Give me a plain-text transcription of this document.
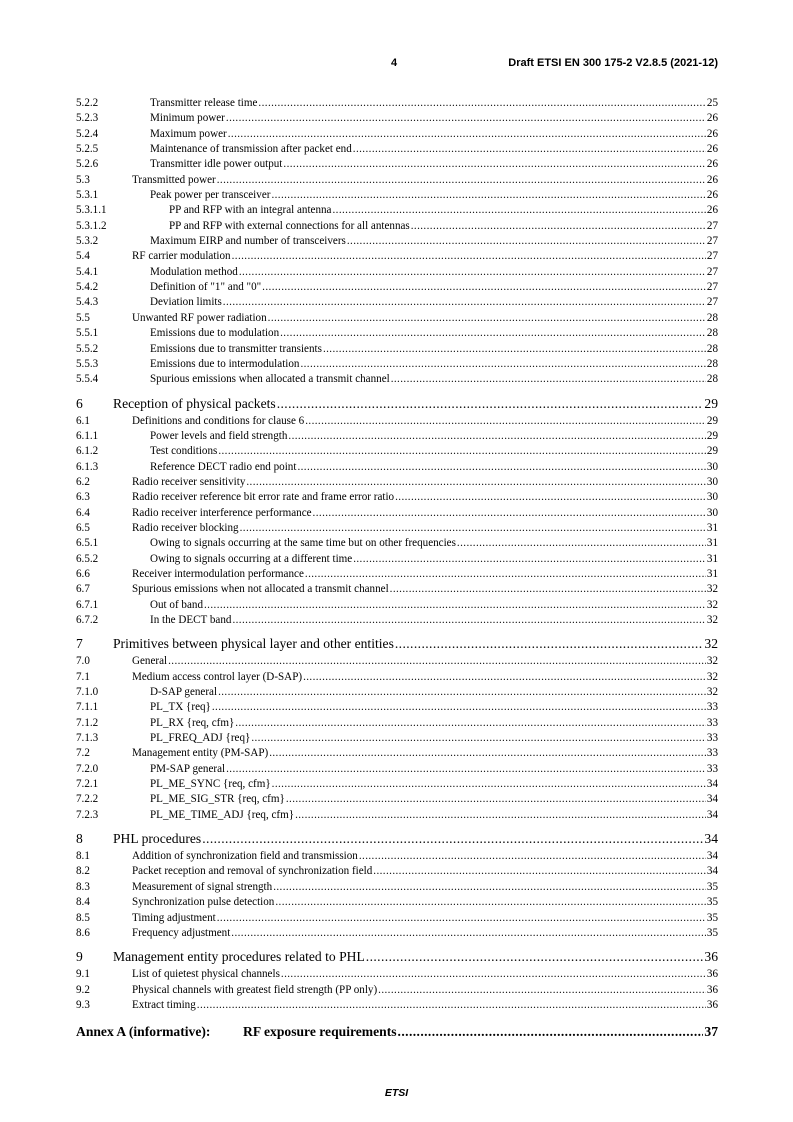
4	Draft ETSI EN 300 175-2 V2.8.5 (2021-12)
5.2.2	Transmitter release time .....	25
5.2.3	Minimum power .....	26
5.2.4	Maximum power .....	26
5.2.5	Maintenance of transmission after packet end .....	26
5.2.6	Transmitter idle power output .....	26
5.3	Transmitted power .....	26
5.3.1	Peak power per transceiver .....	26
5.3.1.1	PP and RFP with an integral antenna .....	26
5.3.1.2	PP and RFP with external connections for all antennas .....	27
5.3.2	Maximum EIRP and number of transceivers .....	27
5.4	RF carrier modulation .....	27
5.4.1	Modulation method .....	27
5.4.2	Definition of "1" and "0" .....	27
5.4.3	Deviation limits .....	27
5.5	Unwanted RF power radiation .....	28
5.5.1	Emissions due to modulation .....	28
5.5.2	Emissions due to transmitter transients .....	28
5.5.3	Emissions due to intermodulation .....	28
5.5.4	Spurious emissions when allocated a transmit channel .....	28
6 Reception of physical packets .....	29
6.1	Definitions and conditions for clause 6 .....	29
6.1.1	Power levels and field strength .....	29
6.1.2	Test conditions .....	29
6.1.3	Reference DECT radio end point .....	30
6.2	Radio receiver sensitivity .....	30
6.3	Radio receiver reference bit error rate and frame error ratio .....	30
6.4	Radio receiver interference performance .....	30
6.5	Radio receiver blocking .....	31
6.5.1	Owing to signals occurring at the same time but on other frequencies .....	31
6.5.2	Owing to signals occurring at a different time .....	31
6.6	Receiver intermodulation performance .....	31
6.7	Spurious emissions when not allocated a transmit channel .....	32
6.7.1	Out of band .....	32
6.7.2	In the DECT band .....	32
7 Primitives between physical layer and other entities .....	32
7.0	General .....	32
7.1	Medium access control layer (D-SAP) .....	32
7.1.0	D-SAP general .....	32
7.1.1	PL_TX {req} .....	33
7.1.2	PL_RX {req, cfm} .....	33
7.1.3	PL_FREQ_ADJ {req} .....	33
7.2	Management entity (PM-SAP) .....	33
7.2.0	PM-SAP general .....	33
7.2.1	PL_ME_SYNC {req, cfm} .....	34
7.2.2	PL_ME_SIG_STR {req, cfm} .....	34
7.2.3	PL_ME_TIME_ADJ {req, cfm} .....	34
8 PHL procedures .....	34
8.1	Addition of synchronization field and transmission .....	34
8.2	Packet reception and removal of synchronization field .....	34
8.3	Measurement of signal strength .....	35
8.4	Synchronization pulse detection .....	35
8.5	Timing adjustment .....	35
8.6	Frequency adjustment .....	35
9 Management entity procedures related to PHL .....	36
9.1	List of quietest physical channels .....	36
9.2	Physical channels with greatest field strength (PP only) .....	36
9.3	Extract timing .....	36
Annex A (informative): RF exposure requirements .....	37
ETSI
